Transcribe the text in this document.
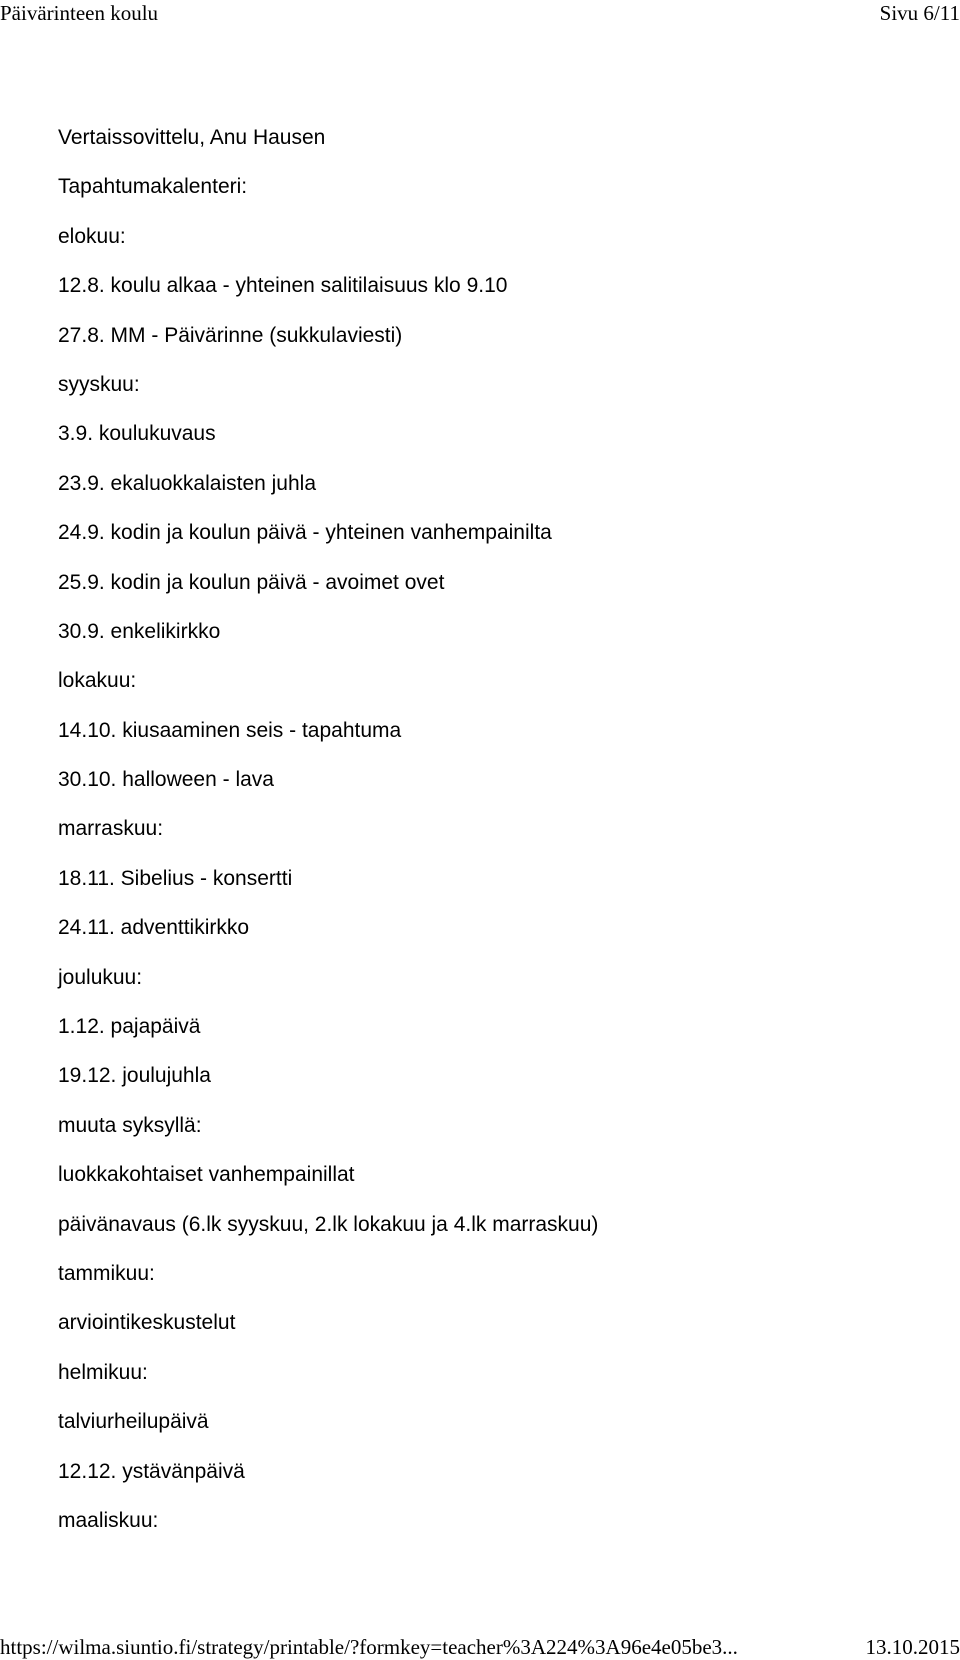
Päivärinteen koulu	Sivu 6/11
Vertaissovittelu, Anu Hausen
Tapahtumakalenteri:
elokuu:
12.8. koulu alkaa - yhteinen salitilaisuus klo 9.10
27.8. MM - Päivärinne (sukkulaviesti)
syyskuu:
3.9. koulukuvaus
23.9. ekaluokkalaisten juhla
24.9. kodin ja koulun päivä - yhteinen vanhempainilta
25.9. kodin ja koulun päivä - avoimet ovet
30.9. enkelikirkko
lokakuu:
14.10. kiusaaminen seis - tapahtuma
30.10. halloween - lava
marraskuu:
18.11. Sibelius - konsertti
24.11. adventtikirkko
joulukuu:
1.12. pajapäivä
19.12. joulujuhla
muuta syksyllä:
luokkakohtaiset vanhempainillat
päivänavaus (6.lk syyskuu, 2.lk lokakuu ja 4.lk marraskuu)
tammikuu:
arviointikeskustelut
helmikuu:
talviurheilupäivä
12.12. ystävänpäivä
maaliskuu:
https://wilma.siuntio.fi/strategy/printable/?formkey=teacher%3A224%3A96e4e05be3...	13.10.2015
